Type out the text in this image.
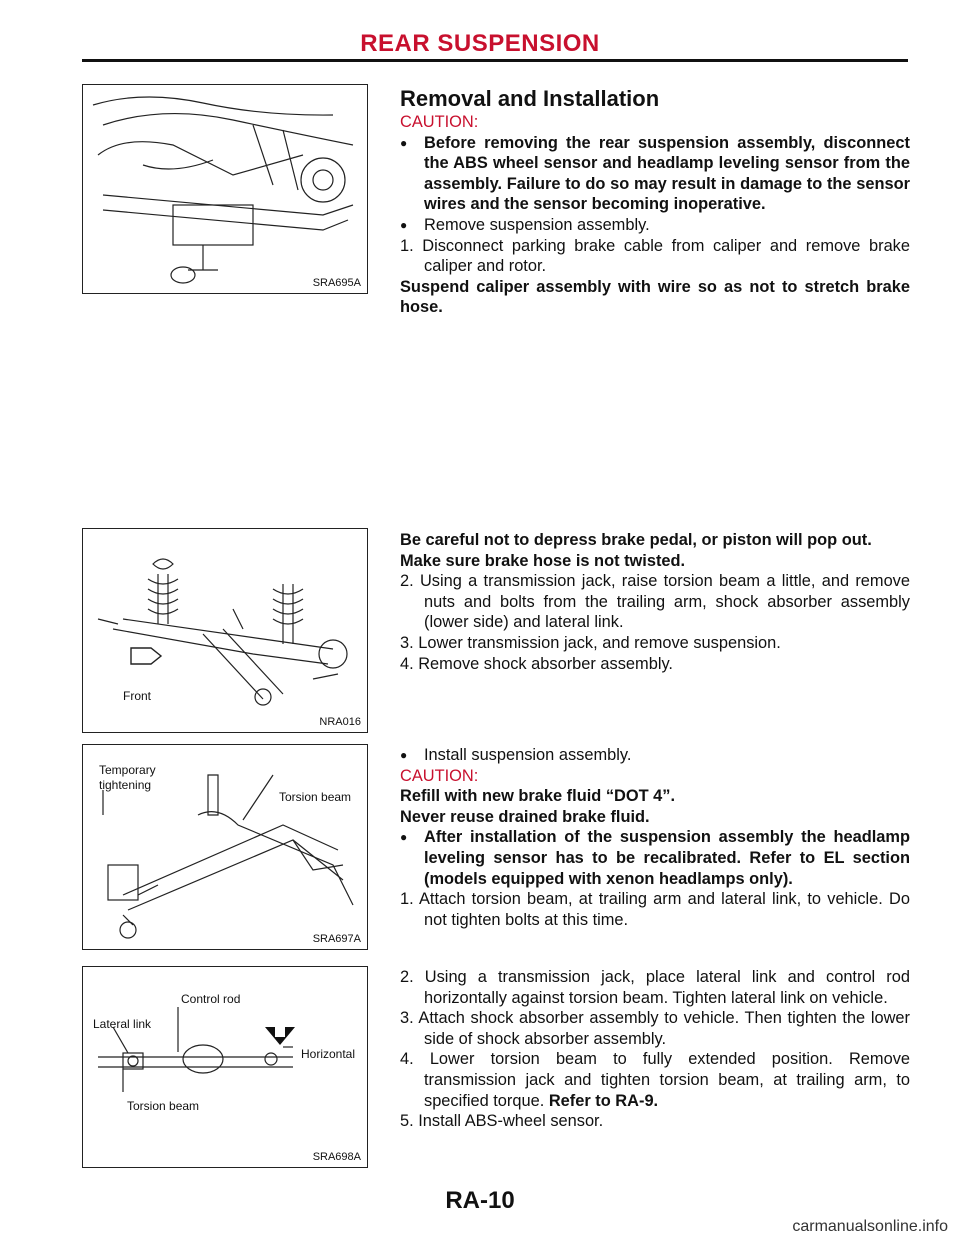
REAR SUSPENSION
SRA695A
Front
NRA016
Temporary
tightening
Torsion beam
SRA697A
Control rod
Lateral link
Horizontal
Torsion beam
SRA698A

Removal and Installation

CAUTION:

● Before removing the rear suspension assembly, disconnect the ABS wheel sensor and headlamp leveling sensor from the assembly. Failure to do so may result in damage to the sensor wires and the sensor becoming inoperative.

● Remove suspension assembly.

1. Disconnect parking brake cable from caliper and remove brake caliper and rotor.

Suspend caliper assembly with wire so as not to stretch brake hose.

Be careful not to depress brake pedal, or piston will pop out.

Make sure brake hose is not twisted.

2. Using a transmission jack, raise torsion beam a little, and remove nuts and bolts from the trailing arm, shock absorber assembly (lower side) and lateral link.

3. Lower transmission jack, and remove suspension.

4. Remove shock absorber assembly.

● Install suspension assembly.

CAUTION:

Refill with new brake fluid “DOT 4”.

Never reuse drained brake fluid.

● After installation of the suspension assembly the headlamp leveling sensor has to be recalibrated. Refer to EL section (models equipped with xenon headlamps only).

1. Attach torsion beam, at trailing arm and lateral link, to vehicle. Do not tighten bolts at this time.

2. Using a transmission jack, place lateral link and control rod horizontally against torsion beam. Tighten lateral link on vehicle.

3. Attach shock absorber assembly to vehicle. Then tighten the lower side of shock absorber assembly.

4. Lower torsion beam to fully extended position. Remove transmission jack and tighten torsion beam, at trailing arm, to specified torque. Refer to RA-9.

5. Install ABS-wheel sensor.

RA-10
carmanualsonline.info
